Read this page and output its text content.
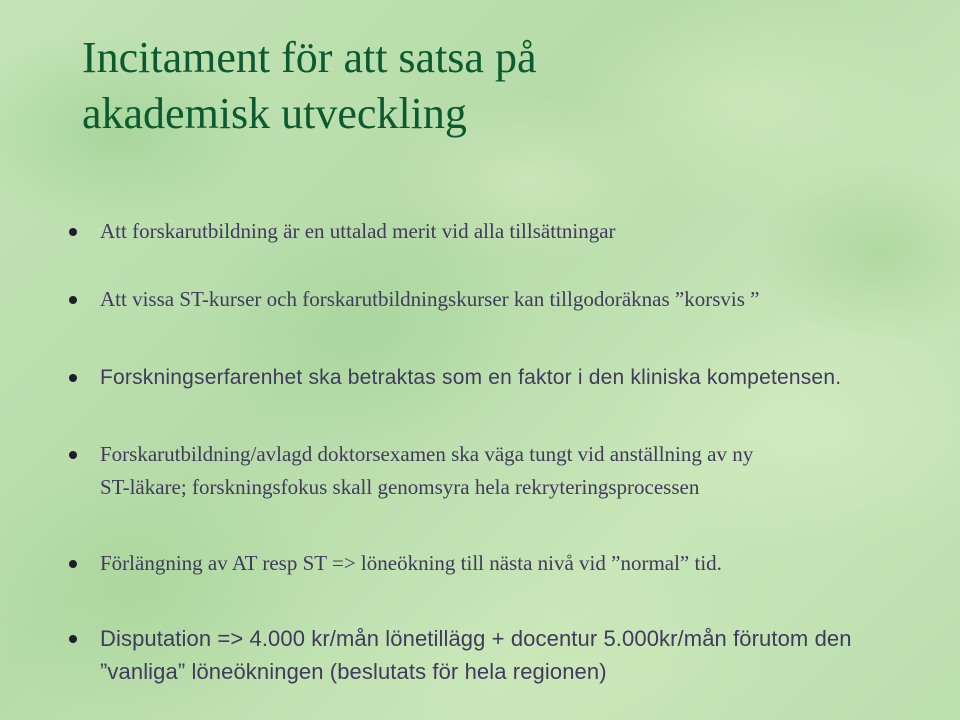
Incitament för att satsa på
akademisk utveckling
Att forskarutbildning är en uttalad merit vid alla tillsättningar
Att vissa ST-kurser och forskarutbildningskurser kan tillgodoräknas ”korsvis ”
Forskningserfarenhet ska betraktas som en faktor i den kliniska kompetensen.
Forskarutbildning/avlagd doktorsexamen ska väga tungt vid anställning av ny
ST-läkare; forskningsfokus skall genomsyra hela rekryteringsprocessen
Förlängning av AT resp ST => löneökning till nästa nivå vid ”normal” tid.
Disputation => 4.000 kr/mån lönetillägg + docentur 5.000kr/mån förutom den
”vanliga” löneökningen (beslutats för hela regionen)
